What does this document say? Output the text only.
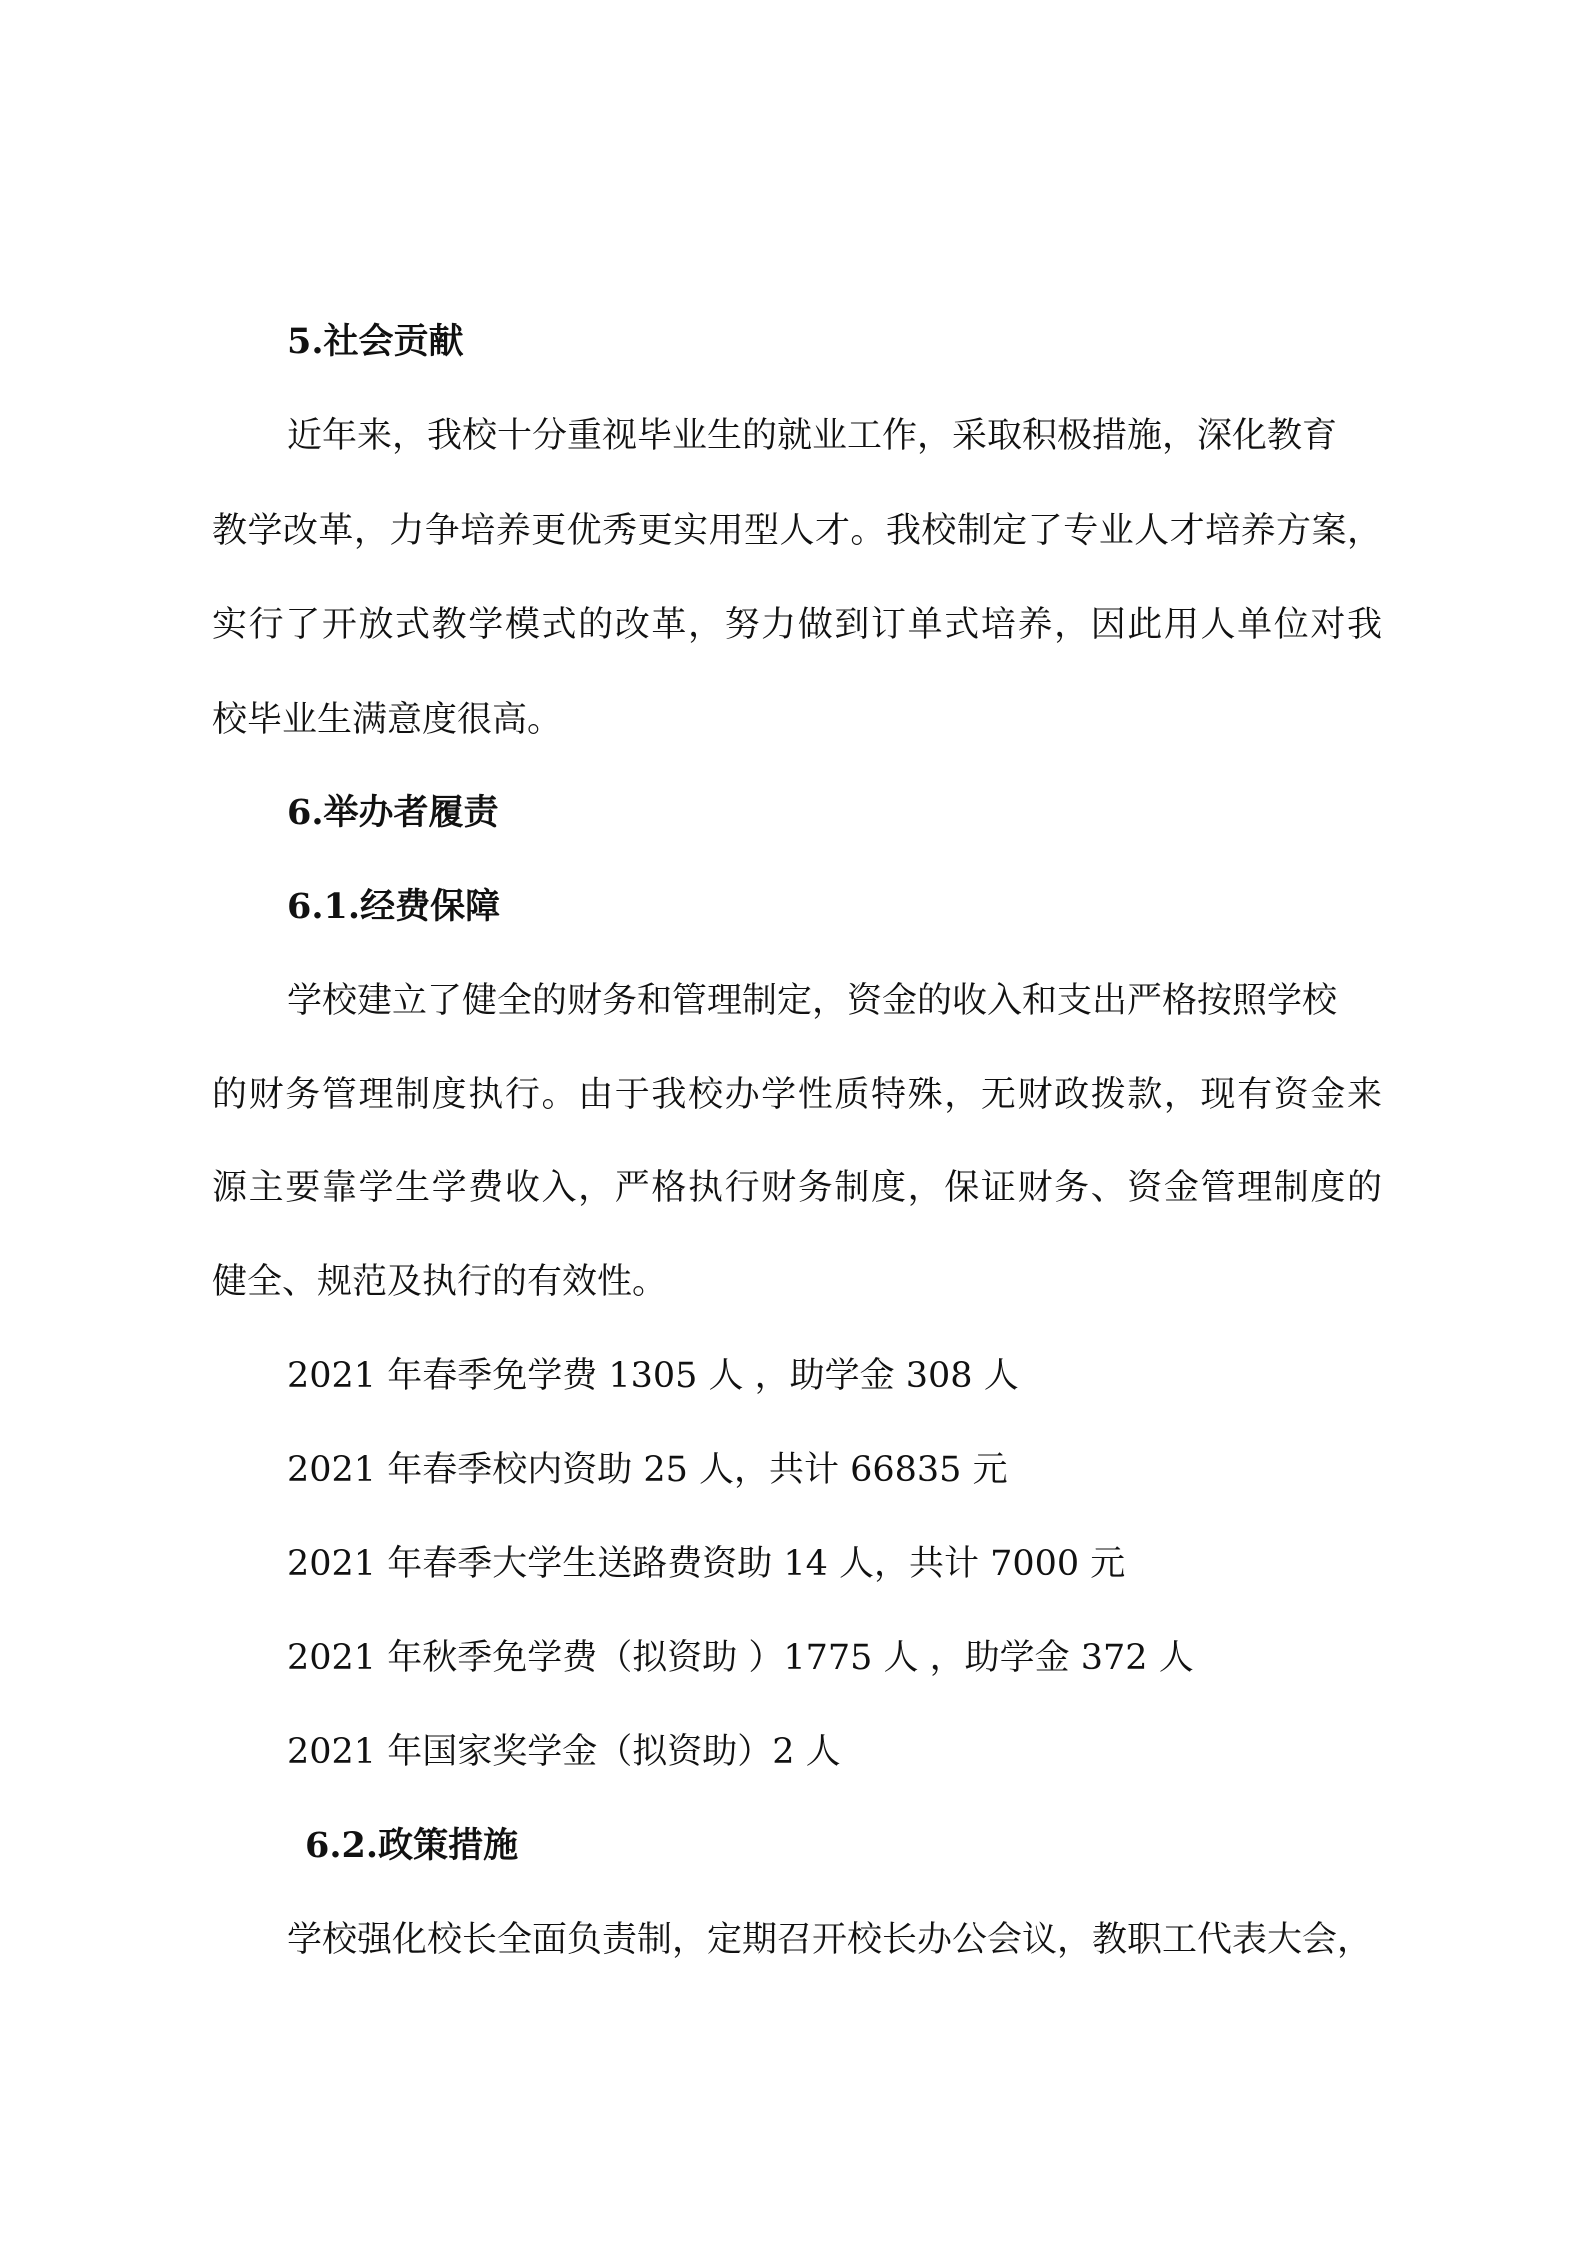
5.社会贡献

近年来，我校十分重视毕业生的就业工作，采取积极措施，深化教育

教学改革，力争培养更优秀更实用型人才。我校制定了专业人才培养方案，

实行了开放式教学模式的改革，努力做到订单式培养，因此用人单位对我

校毕业生满意度很高。

6.举办者履责
6.1.经费保障

学校建立了健全的财务和管理制定，资金的收入和支出严格按照学校

的财务管理制度执行。由于我校办学性质特殊，无财政拨款，现有资金来

源主要靠学生学费收入，严格执行财务制度，保证财务、资金管理制度的

健全、规范及执行的有效性。

2021 年春季免学费 1305 人 ，助学金 308 人

2021 年春季校内资助 25 人，共计 66835 元

2021 年春季大学生送路费资助 14 人，共计 7000 元

2021 年秋季免学费（拟资助 ）1775 人 ，助学金 372 人

2021 年国家奖学金（拟资助）2 人

6.2.政策措施

学校强化校长全面负责制，定期召开校长办公会议，教职工代表大会，
